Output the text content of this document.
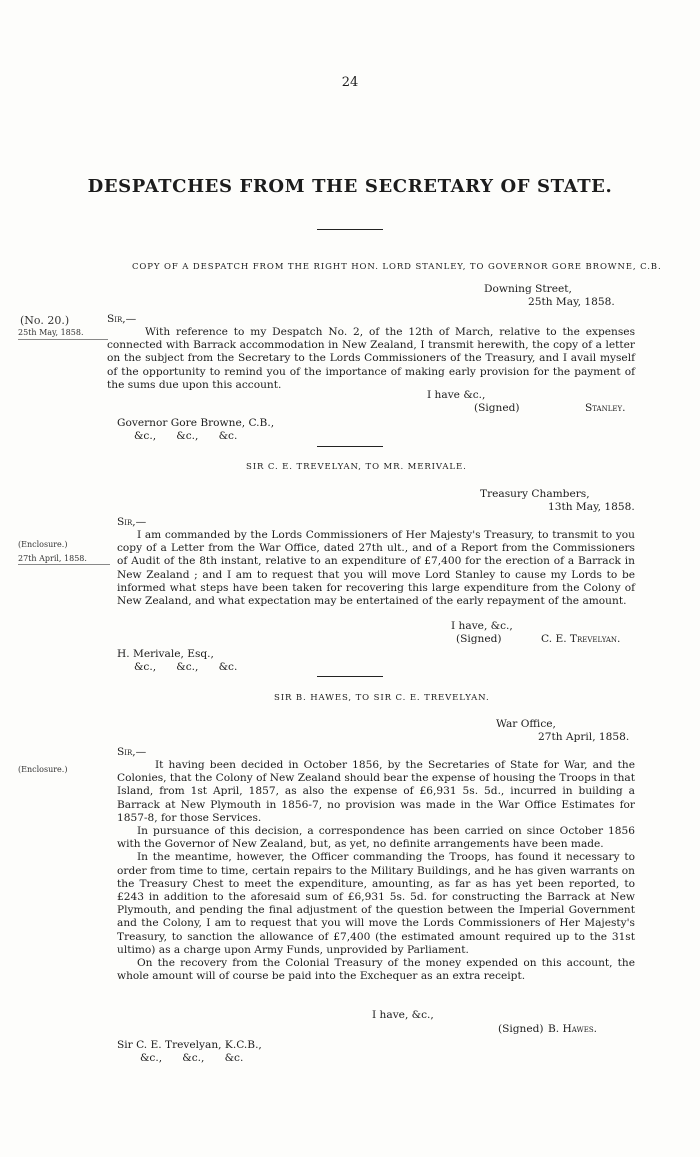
24
DESPATCHES FROM THE SECRETARY OF STATE.
COPY OF A DESPATCH FROM THE RIGHT HON. LORD STANLEY, TO GOVERNOR GORE BROWNE, C.B.
Downing Street,
25th May, 1858.
(No. 20.)
25th May, 1858.
Sir,—

With reference to my Despatch No. 2, of the 12th of March, relative to the expenses connected with Barrack accommodation in New Zealand, I transmit herewith, the copy of a letter on the subject from the Secretary to the Lords Commissioners of the Treasury, and I avail myself of the opportunity to remind you of the importance of making early provision for the payment of the sums due upon this account.

I have &c.,
(Signed)	Stanley.
Governor Gore Browne, C.B.,
&c.,      &c.,      &c.
SIR C. E. TREVELYAN, TO MR. MERIVALE.
Treasury Chambers,
13th May, 1858.
Sir,—
(Enclosure.)
27th April, 1858.

I am commanded by the Lords Commissioners of Her Majesty's Treasury, to transmit to you copy of a Letter from the War Office, dated 27th ult., and of a Report from the Commissioners of Audit of the 8th instant, relative to an expenditure of £7,400 for the erection of a Barrack in New Zealand ; and I am to request that you will move Lord Stanley to cause my Lords to be informed what steps have been taken for recovering this large expenditure from the Colony of New Zealand, and what expectation may be entertained of the early repayment of the amount.

I have, &c.,
(Signed)	C. E. Trevelyan.
H. Merivale, Esq.,
&c.,      &c.,      &c.
SIR B. HAWES, TO SIR C. E. TREVELYAN.
War Office,
27th April, 1858.
Sir,—
(Enclosure.)	It having been decided in October 1856, by the Secretaries of State for War, and the Colonies, that the Colony of New Zealand should bear the expense of housing the Troops in that Island, from 1st April, 1857, as also the expense of £6,931 5s. 5d., incurred in building a Barrack at New Plymouth in 1856-7, no provision was made in the War Office Estimates for 1857-8, for those Services.

In pursuance of this decision, a correspondence has been carried on since October 1856 with the Governor of New Zealand, but, as yet, no definite arrangements have been made.

In the meantime, however, the Officer commanding the Troops, has found it necessary to order from time to time, certain repairs to the Military Buildings, and he has given warrants on the Treasury Chest to meet the expenditure, amounting, as far as has yet been reported, to £243 in addition to the aforesaid sum of £6,931 5s. 5d. for constructing the Barrack at New Plymouth, and pending the final adjustment of the question between the Imperial Government and the Colony, I am to request that you will move the Lords Commissioners of Her Majesty's Treasury, to sanction the allowance of £7,400 (the estimated amount required up to the 31st ultimo) as a charge upon Army Funds, unprovided by Parliament.

On the recovery from the Colonial Treasury of the money expended on this account, the whole amount will of course be paid into the Exchequer as an extra receipt.

I have, &c.,
(Signed) B. Hawes.
Sir C. E. Trevelyan, K.C.B.,
&c.,      &c.,      &c.
